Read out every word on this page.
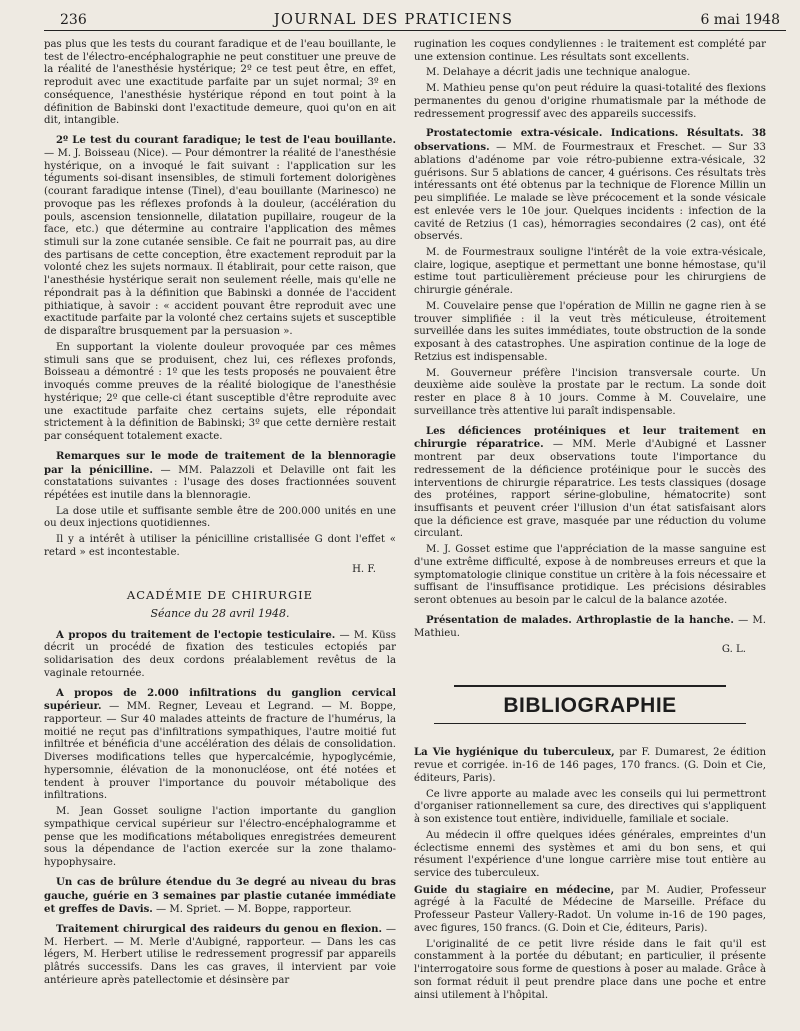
236	JOURNAL DES PRATICIENS	6 mai 1948

pas plus que les tests du courant faradique et de l'eau bouillante, le test de l'électro-encéphalographie ne peut constituer une preuve de la réalité de l'anesthésie hystérique; 2º ce test peut être, en effet, reproduit avec une exactitude parfaite par un sujet normal; 3º en conséquence, l'anesthésie hystérique répond en tout point à la définition de Babinski dont l'exactitude demeure, quoi qu'on en ait dit, intangible.

2º Le test du courant faradique; le test de l'eau bouillante. — M. J. Boisseau (Nice). — Pour démontrer la réalité de l'anesthésie hystérique, on a invoqué le fait suivant : l'application sur les téguments soi-disant insensibles, de stimuli fortement dolorigènes (courant faradique intense (Tinel), d'eau bouillante (Marinesco) ne provoque pas les réflexes profonds à la douleur, (accélération du pouls, ascension tensionnelle, dilatation pupillaire, rougeur de la face, etc.) que détermine au contraire l'application des mêmes stimuli sur la zone cutanée sensible. Ce fait ne pourrait pas, au dire des partisans de cette conception, être exactement reproduit par la volonté chez les sujets normaux. Il établirait, pour cette raison, que l'anesthésie hystérique serait non seulement réelle, mais qu'elle ne répondrait pas à la définition que Babinski a donnée de l'accident pithiatique, à savoir : « accident pouvant être reproduit avec une exactitude parfaite par la volonté chez certains sujets et susceptible de disparaître brusquement par la persuasion ».

En supportant la violente douleur provoquée par ces mêmes stimuli sans que se produisent, chez lui, ces réflexes profonds, Boisseau a démontré : 1º que les tests proposés ne pouvaient être invoqués comme preuves de la réalité biologique de l'anesthésie hystérique; 2º que celle-ci étant susceptible d'être reproduite avec une exactitude parfaite chez certains sujets, elle répondait strictement à la définition de Babinski; 3º que cette dernière restait par conséquent totalement exacte.

Remarques sur le mode de traitement de la blennoragie par la pénicilline. — MM. Palazzoli et Delaville ont fait les constatations suivantes : l'usage des doses fractionnées souvent répétées est inutile dans la blennoragie.

La dose utile et suffisante semble être de 200.000 unités en une ou deux injections quotidiennes.

Il y a intérêt à utiliser la pénicilline cristallisée G dont l'effet « retard » est incontestable.

H. F.
ACADÉMIE DE CHIRURGIE
Séance du 28 avril 1948.

A propos du traitement de l'ectopie testiculaire. — M. Küss décrit un procédé de fixation des testicules ectopiés par solidarisation des deux cordons préalablement revêtus de la vaginale retournée.

A propos de 2.000 infiltrations du ganglion cervical supérieur. — MM. Regner, Leveau et Legrand. — M. Boppe, rapporteur. — Sur 40 malades atteints de fracture de l'humérus, la moitié ne reçut pas d'infiltrations sympathiques, l'autre moitié fut infiltrée et bénéficia d'une accélération des délais de consolidation. Diverses modifications telles que hypercalcémie, hypoglycémie, hypersomnie, élévation de la mononucléose, ont été notées et tendent à prouver l'importance du pouvoir métabolique des infiltrations.

M. Jean Gosset souligne l'action importante du ganglion sympathique cervical supérieur sur l'électro-encéphalogramme et pense que les modifications métaboliques enregistrées demeurent sous la dépendance de l'action exercée sur la zone thalamo-hypophysaire.

Un cas de brûlure étendue du 3e degré au niveau du bras gauche, guérie en 3 semaines par plastie cutanée immédiate et greffes de Davis. — M. Spriet. — M. Boppe, rapporteur.

Traitement chirurgical des raideurs du genou en flexion. — M. Herbert. — M. Merle d'Aubigné, rapporteur. — Dans les cas légers, M. Herbert utilise le redressement progressif par appareils plâtrés successifs. Dans les cas graves, il intervient par voie antérieure après patellectomie et désinsère par

rugination les coques condyliennes : le traitement est complété par une extension continue. Les résultats sont excellents.

M. Delahaye a décrit jadis une technique analogue.

M. Mathieu pense qu'on peut réduire la quasi-totalité des flexions permanentes du genou d'origine rhumatismale par la méthode de redressement progressif avec des appareils successifs.

Prostatectomie extra-vésicale. Indications. Résultats. 38 observations. — MM. de Fourmestraux et Freschet. — Sur 33 ablations d'adénome par voie rétro-pubienne extra-vésicale, 32 guérisons. Sur 5 ablations de cancer, 4 guérisons. Ces résultats très intéressants ont été obtenus par la technique de Florence Millin un peu simplifiée. Le malade se lève précocement et la sonde vésicale est enlevée vers le 10e jour. Quelques incidents : infection de la cavité de Retzius (1 cas), hémorragies secondaires (2 cas), ont été observés.

M. de Fourmestraux souligne l'intérêt de la voie extra-vésicale, claire, logique, aseptique et permettant une bonne hémostase, qu'il estime tout particulièrement précieuse pour les chirurgiens de chirurgie générale.

M. Couvelaire pense que l'opération de Millin ne gagne rien à se trouver simplifiée : il la veut très méticuleuse, étroitement surveillée dans les suites immédiates, toute obstruction de la sonde exposant à des catastrophes. Une aspiration continue de la loge de Retzius est indispensable.

M. Gouverneur préfère l'incision transversale courte. Un deuxième aide soulève la prostate par le rectum. La sonde doit rester en place 8 à 10 jours. Comme à M. Couvelaire, une surveillance très attentive lui paraît indispensable.

Les déficiences protéiniques et leur traitement en chirurgie réparatrice. — MM. Merle d'Aubigné et Lassner montrent par deux observations toute l'importance du redressement de la déficience protéinique pour le succès des interventions de chirurgie réparatrice. Les tests classiques (dosage des protéines, rapport sérine-globuline, hématocrite) sont insuffisants et peuvent créer l'illusion d'un état satisfaisant alors que la déficience est grave, masquée par une réduction du volume circulant.

M. J. Gosset estime que l'appréciation de la masse sanguine est d'une extrême difficulté, expose à de nombreuses erreurs et que la symptomatologie clinique constitue un critère à la fois nécessaire et suffisant de l'insuffisance protidique. Les précisions désirables seront obtenues au besoin par le calcul de la balance azotée.

Présentation de malades. Arthroplastie de la hanche. — M. Mathieu.

G. L.
BIBLIOGRAPHIE

La Vie hygiénique du tuberculeux, par F. Dumarest, 2e édition revue et corrigée. in-16 de 146 pages, 170 francs. (G. Doin et Cie, éditeurs, Paris).

Ce livre apporte au malade avec les conseils qui lui permettront d'organiser rationnellement sa cure, des directives qui s'appliquent à son existence tout entière, individuelle, familiale et sociale.

Au médecin il offre quelques idées générales, empreintes d'un éclectisme ennemi des systèmes et ami du bon sens, et qui résument l'expérience d'une longue carrière mise tout entière au service des tuberculeux.

Guide du stagiaire en médecine, par M. Audier, Professeur agrégé à la Faculté de Médecine de Marseille. Préface du Professeur Pasteur Vallery-Radot. Un volume in-16 de 190 pages, avec figures, 150 francs. (G. Doin et Cie, éditeurs, Paris).

L'originalité de ce petit livre réside dans le fait qu'il est constamment à la portée du débutant; en particulier, il présente l'interrogatoire sous forme de questions à poser au malade. Grâce à son format réduit il peut prendre place dans une poche et entre ainsi utilement à l'hôpital.
